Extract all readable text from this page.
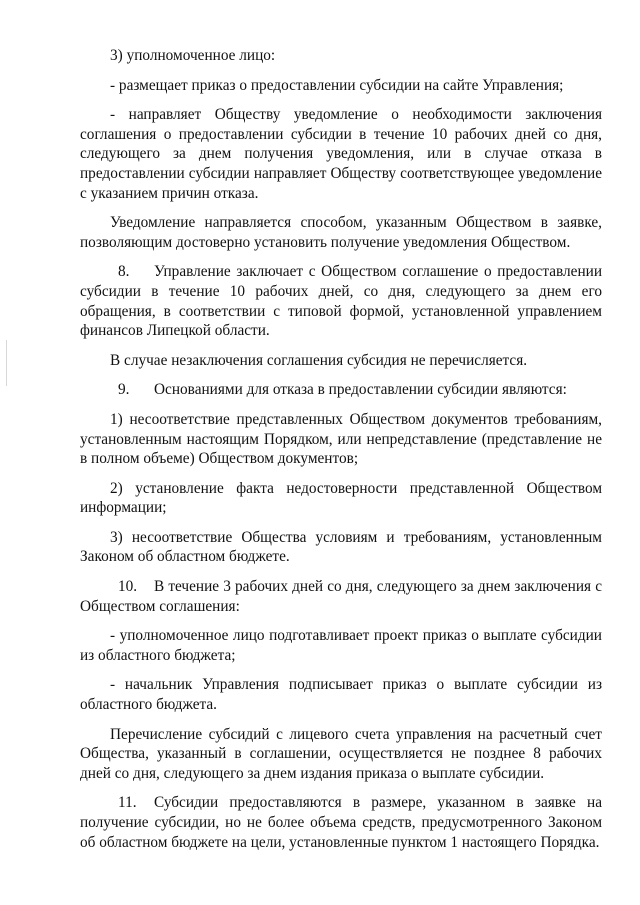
3) уполномоченное лицо:

- размещает приказ о предоставлении субсидии на сайте Управления;

- направляет Обществу уведомление о необходимости заключения соглашения о предоставлении субсидии в течение 10 рабочих дней со дня, следующего за днем получения уведомления, или в случае отказа в предоставлении субсидии направляет Обществу соответствующее уведомление с указанием причин отказа.

Уведомление направляется способом, указанным Обществом в заявке, позволяющим достоверно установить получение уведомления Обществом.

8. Управление заключает с Обществом соглашение о предоставлении субсидии в течение 10 рабочих дней, со дня, следующего за днем его обращения, в соответствии с типовой формой, установленной управлением финансов Липецкой области.

В случае незаключения соглашения субсидия не перечисляется.

9. Основаниями для отказа в предоставлении субсидии являются:

1) несоответствие представленных Обществом документов требованиям, установленным настоящим Порядком, или непредставление (представление не в полном объеме) Обществом документов;

2) установление факта недостоверности представленной Обществом информации;

3) несоответствие Общества условиям и требованиям, установленным Законом об областном бюджете.

10. В течение 3 рабочих дней со дня, следующего за днем заключения с Обществом соглашения:

- уполномоченное лицо подготавливает проект приказ о выплате субсидии из областного бюджета;

- начальник Управления подписывает приказ о выплате субсидии из областного бюджета.

Перечисление субсидий с лицевого счета управления на расчетный счет Общества, указанный в соглашении, осуществляется не позднее 8 рабочих дней со дня, следующего за днем издания приказа о выплате субсидии.

11. Субсидии предоставляются в размере, указанном в заявке на получение субсидии, но не более объема средств, предусмотренного Законом об областном бюджете на цели, установленные пунктом 1 настоящего Порядка.
